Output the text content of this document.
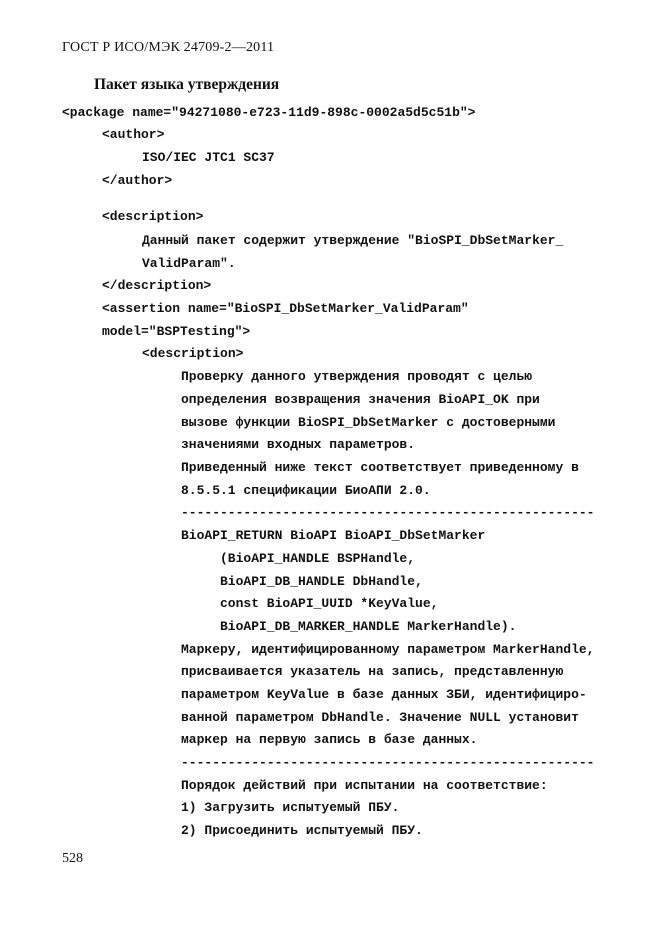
ГОСТ Р ИСО/МЭК 24709-2—2011
Пакет языка утверждения
<package name="94271080-e723-11d9-898c-0002a5d5c51b">
<author>
ISO/IEC JTC1 SC37
</author>
<description>
Данный пакет содержит утверждение "BioSPI_DbSetMarker_
ValidParam".
</description>
<assertion name="BioSPI_DbSetMarker_ValidParam"
model="BSPTesting">
<description>
Проверку данного утверждения проводят с целью
определения возвращения значения BioAPI_OK при
вызове функции BioSPI_DbSetMarker с достоверными
значениями входных параметров.
Приведенный ниже текст соответствует приведенному в
8.5.5.1 спецификации БиоАПИ 2.0.
-----------------------------------------------------
BioAPI_RETURN BioAPI BioAPI_DbSetMarker
(BioAPI_HANDLE BSPHandle,
BioAPI_DB_HANDLE DbHandle,
const BioAPI_UUID *KeyValue,
BioAPI_DB_MARKER_HANDLE MarkerHandle).
Маркеру, идентифицированному параметром MarkerHandle,
присваивается указатель на запись, представленную
параметром KeyValue в базе данных ЗБИ, идентифициро-
ванной параметром DbHandle. Значение NULL установит
маркер на первую запись в базе данных.
-----------------------------------------------------
Порядок действий при испытании на соответствие:
1) Загрузить испытуемый ПБУ.
2) Присоединить испытуемый ПБУ.
528
